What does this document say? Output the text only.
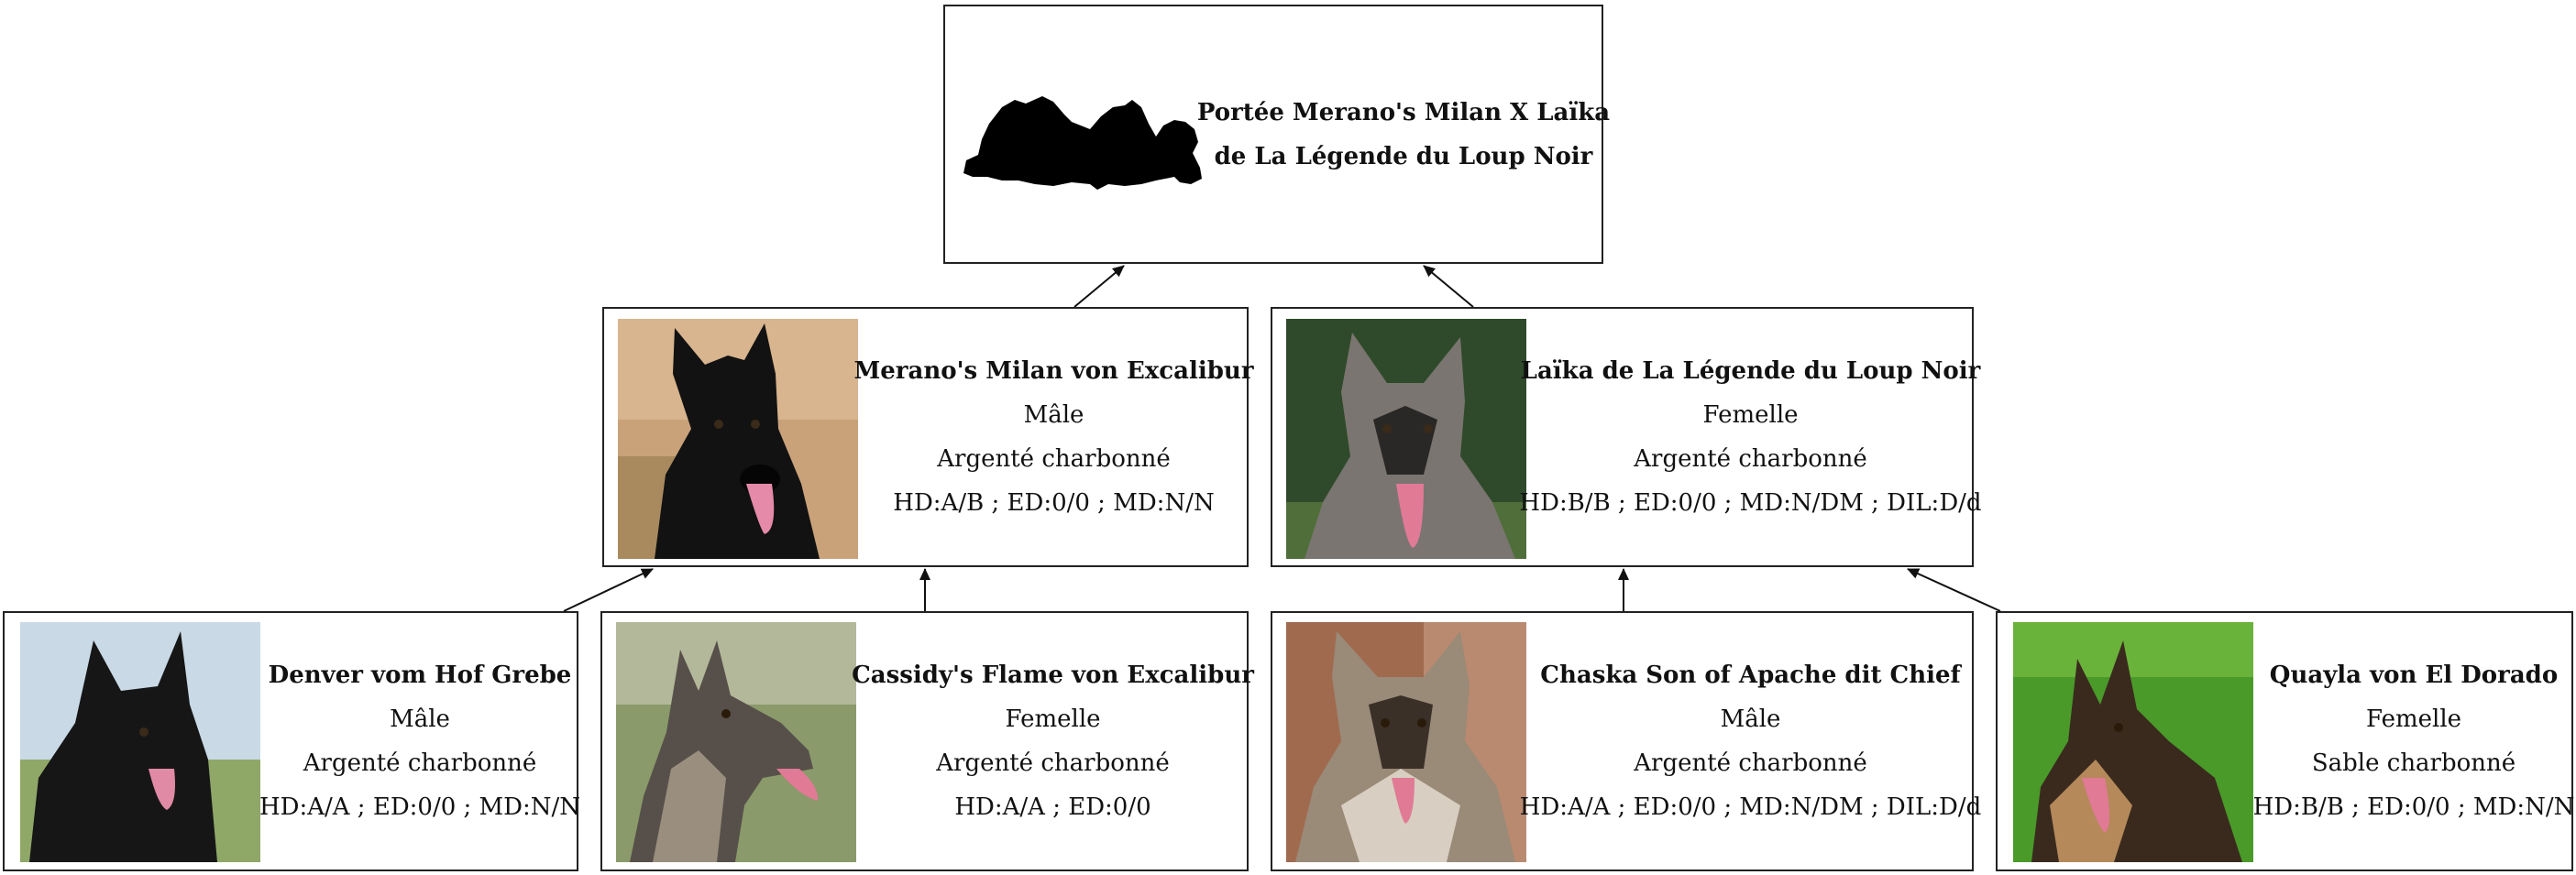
Portée Merano's Milan X Laïka
de La Légende du Loup Noir
Merano's Milan von Excalibur
Mâle
Argenté charbonné
HD:A/B ; ED:0/0 ; MD:N/N
Laïka de La Légende du Loup Noir
Femelle
Argenté charbonné
HD:B/B ; ED:0/0 ; MD:N/DM ; DIL:D/d
Denver vom Hof Grebe
Mâle
Argenté charbonné
HD:A/A ; ED:0/0 ; MD:N/N
Cassidy's Flame von Excalibur
Femelle
Argenté charbonné
HD:A/A ; ED:0/0
Chaska Son of Apache dit Chief
Mâle
Argenté charbonné
HD:A/A ; ED:0/0 ; MD:N/DM ; DIL:D/d
Quayla von El Dorado
Femelle
Sable charbonné
HD:B/B ; ED:0/0 ; MD:N/N
